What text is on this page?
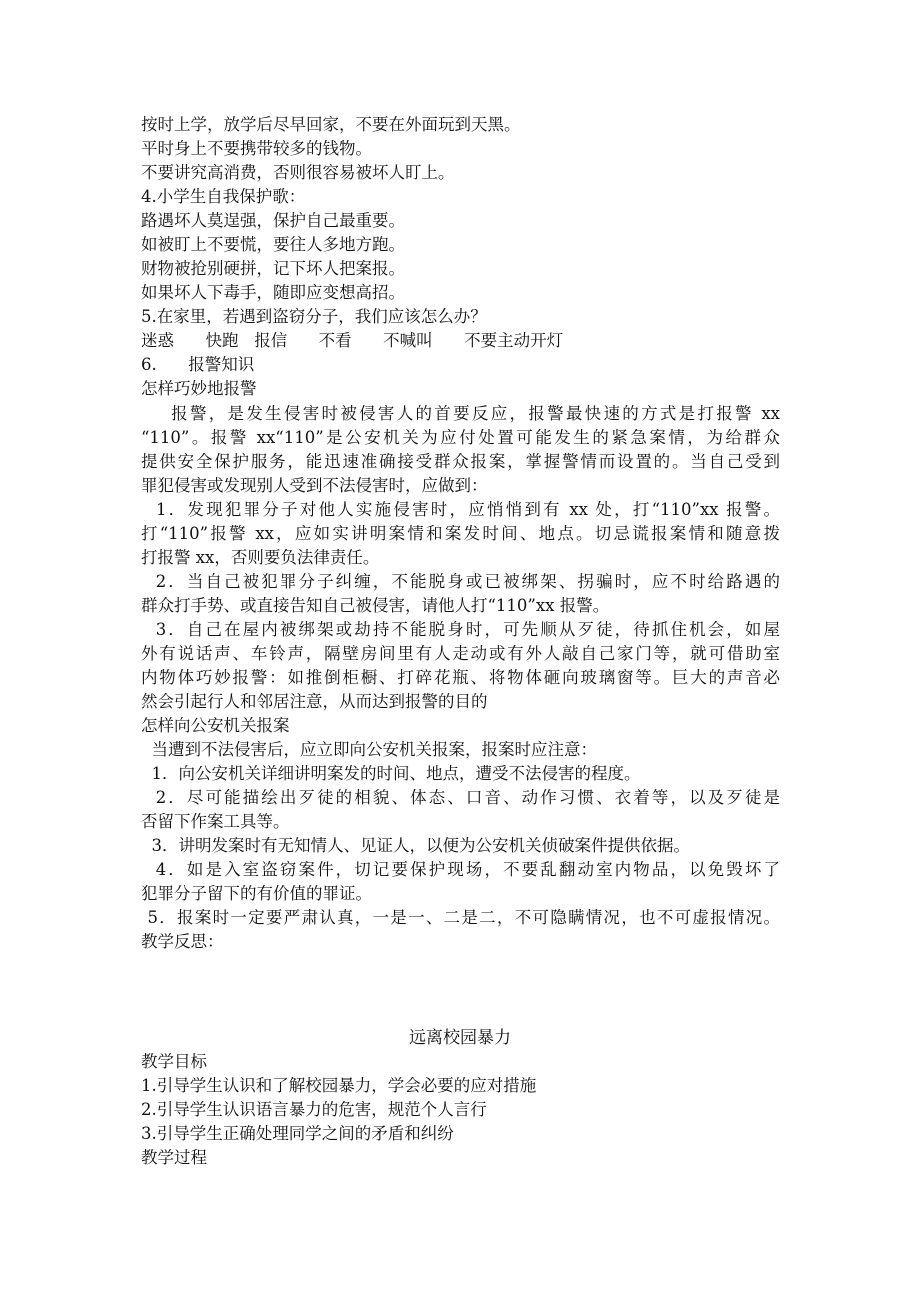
按时上学，放学后尽早回家，不要在外面玩到天黑。
平时身上不要携带较多的钱物。
不要讲究高消费，否则很容易被坏人盯上。
4.小学生自我保护歌：
路遇坏人莫逞强，保护自己最重要。
如被盯上不要慌，要往人多地方跑。
财物被抢别硬拼，记下坏人把案报。
如果坏人下毒手，随即应变想高招。
5.在家里，若遇到盗窃分子，我们应该怎么办？
迷惑      快跑   报信      不看      不喊叫      不要主动开灯
6.      报警知识
怎样巧妙地报警
报警，是发生侵害时被侵害人的首要反应，报警最快速的方式是打报警 xx
“110”。报警 xx“110”是公安机关为应付处置可能发生的紧急案情，为给群众
提供安全保护服务，能迅速准确接受群众报案，掌握警情而设置的。当自己受到
罪犯侵害或发现别人受到不法侵害时，应做到：
1．发现犯罪分子对他人实施侵害时，应悄悄到有 xx 处，打“110”xx 报警。
打“110”报警 xx，应如实讲明案情和案发时间、地点。切忌谎报案情和随意拨
打报警 xx，否则要负法律责任。
2．当自己被犯罪分子纠缠，不能脱身或已被绑架、拐骗时，应不时给路遇的
群众打手势、或直接告知自己被侵害，请他人打“110”xx 报警。
3．自己在屋内被绑架或劫持不能脱身时，可先顺从歹徒，待抓住机会，如屋
外有说话声、车铃声，隔壁房间里有人走动或有外人敲自己家门等，就可借助室
内物体巧妙报警：如推倒柜橱、打碎花瓶、将物体砸向玻璃窗等。巨大的声音必
然会引起行人和邻居注意，从而达到报警的目的
怎样向公安机关报案
当遭到不法侵害后，应立即向公安机关报案，报案时应注意：
1．向公安机关详细讲明案发的时间、地点，遭受不法侵害的程度。
2．尽可能描绘出歹徒的相貌、体态、口音、动作习惯、衣着等，以及歹徒是
否留下作案工具等。
3．讲明发案时有无知情人、见证人，以便为公安机关侦破案件提供依据。
4．如是入室盗窃案件，切记要保护现场，不要乱翻动室内物品，以免毁坏了
犯罪分子留下的有价值的罪证。
5．报案时一定要严肃认真，一是一、二是二，不可隐瞒情况，也不可虚报情况。
教学反思：
远离校园暴力
教学目标
1.引导学生认识和了解校园暴力，学会必要的应对措施
2.引导学生认识语言暴力的危害，规范个人言行
3.引导学生正确处理同学之间的矛盾和纠纷
教学过程
